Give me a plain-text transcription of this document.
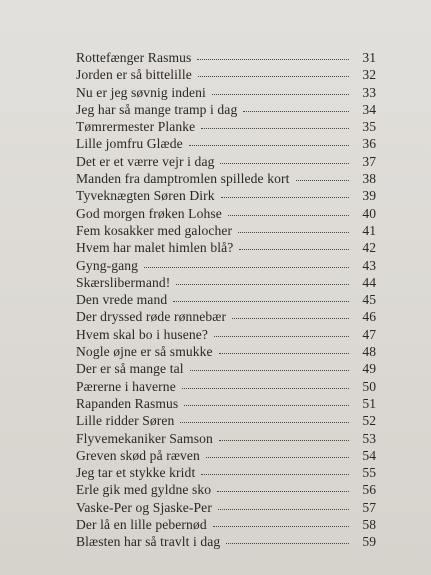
Rottefænger Rasmus	31
Jorden er så bittelille	32
Nu er jeg søvnig indeni	33
Jeg har så mange tramp i dag	34
Tømrermester Planke	35
Lille jomfru Glæde	36
Det er et værre vejr i dag	37
Manden fra damptromlen spillede kort	38
Tyveknægten Søren Dirk	39
God morgen frøken Lohse	40
Fem kosakker med galocher	41
Hvem har malet himlen blå?	42
Gyng-gang	43
Skærslibermand!	44
Den vrede mand	45
Der dryssed røde rønnebær	46
Hvem skal bo i husene?	47
Nogle øjne er så smukke	48
Der er så mange tal	49
Pærerne i haverne	50
Rapanden Rasmus	51
Lille ridder Søren	52
Flyvemekaniker Samson	53
Greven skød på ræven	54
Jeg tar et stykke kridt	55
Erle gik med gyldne sko	56
Vaske-Per og Sjaske-Per	57
Der lå en lille pebernød	58
Blæsten har så travlt i dag	59
